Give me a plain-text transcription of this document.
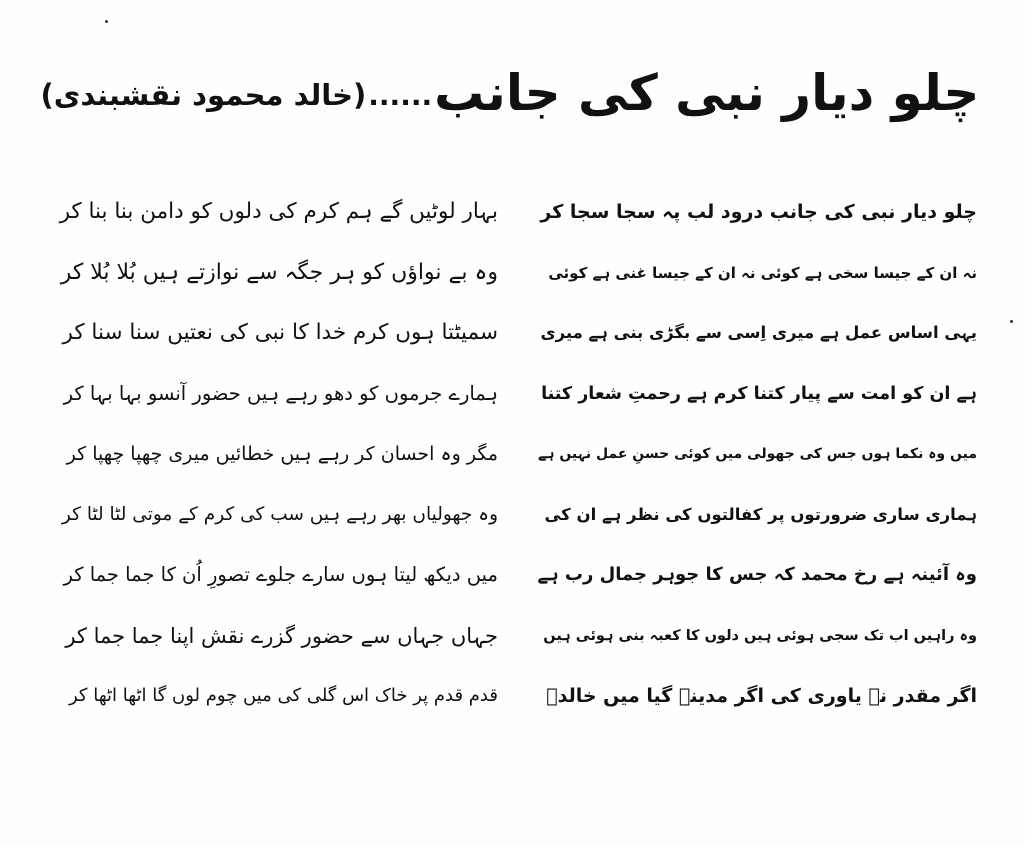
چلو دیار نبی کی جانب
......
(خالد محمود نقشبندی)
چلو دیار نبی کی جانب درود لب پہ سجا سجا کر
نہ ان کے جیسا سخی ہے کوئی نہ ان کے جیسا غنی ہے کوئی
یہی اساس عمل ہے میری اِسی سے بگڑی بنی ہے میری
ہے ان کو امت سے پیار کتنا کرم ہے رحمتِ شعار کتنا
میں وہ نکما ہوں جس کی جھولی میں کوئی حسنِ عمل نہیں ہے
ہماری ساری ضرورتوں پر کفالتوں کی نظر ہے ان کی
وہ آئینہ ہے رخ محمد کہ جس کا جوہر جمال رب ہے
وہ راہیں اب تک سجی ہوئی ہیں دلوں کا کعبہ بنی ہوئی ہیں
اگر مقدر نے یاوری کی اگر مدینے گیا میں خالدؔ
بہار لوٹیں گے ہم کرم کی دلوں کو دامن بنا بنا کر
وہ بے نواؤں کو ہر جگہ سے نوازتے ہیں بُلا بُلا کر
سمیٹتا ہوں کرم خدا کا نبی کی نعتیں سنا سنا کر
ہمارے جرموں کو دھو رہے ہیں حضور آنسو بہا بہا کر
مگر وہ احسان کر رہے ہیں خطائیں میری چھپا چھپا کر
وہ جھولیاں بھر رہے ہیں سب کی کرم کے موتی لٹا لٹا کر
میں دیکھ لیتا ہوں سارے جلوے تصورِ اُن کا جما جما کر
جہاں جہاں سے حضور گزرے نقش اپنا جما جما کر
قدم قدم پر خاک اس گلی کی میں چوم لوں گا اٹھا اٹھا کر
